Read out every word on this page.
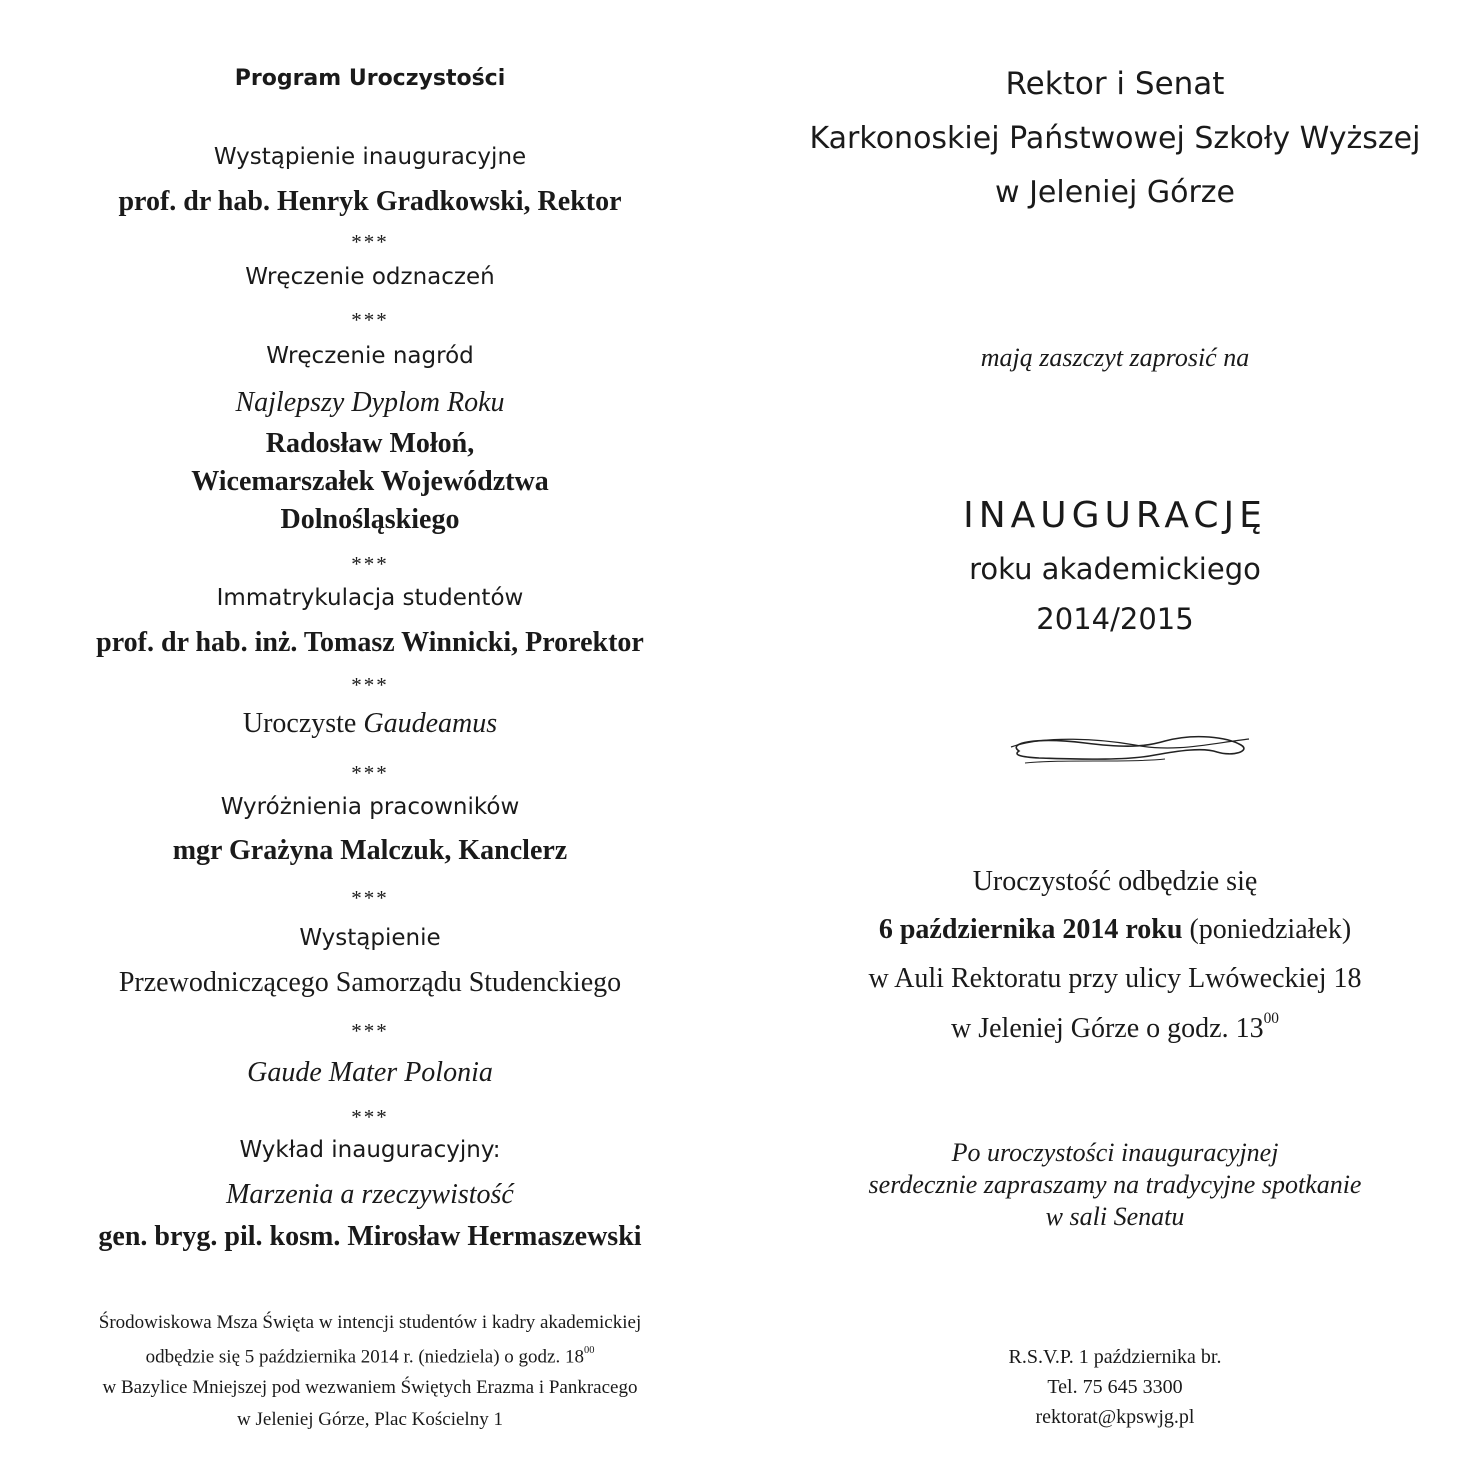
Program Uroczystości
Wystąpienie inauguracyjne
prof. dr hab. Henryk Gradkowski, Rektor
***
Wręczenie odznaczeń
***
Wręczenie nagród
Najlepszy Dyplom Roku
Radosław Mołoń,
Wicemarszałek Województwa
Dolnośląskiego
***
Immatrykulacja studentów
prof. dr hab. inż. Tomasz Winnicki, Prorektor
***
Uroczyste Gaudeamus
***
Wyróżnienia pracowników
mgr Grażyna Malczuk, Kanclerz
***
Wystąpienie
Przewodniczącego Samorządu Studenckiego
***
Gaude Mater Polonia
***
Wykład inauguracyjny:
Marzenia a rzeczywistość
gen. bryg. pil. kosm. Mirosław Hermaszewski
Środowiskowa Msza Święta w intencji studentów i kadry akademickiej
odbędzie się 5 października 2014 r. (niedziela) o godz. $18^{00}$
w Bazylice Mniejszej pod wezwaniem Świętych Erazma i Pankracego
w Jeleniej Górze, Plac Kościelny 1
Rektor i Senat
Karkonoskiej Państwowej Szkoły Wyższej
w Jeleniej Górze
mają zaszczyt zaprosić na
INAUGURACJĘ
roku akademickiego
2014/2015
Uroczystość odbędzie się
6 października 2014 roku (poniedziałek)
w Auli Rektoratu przy ulicy Lwóweckiej 18
w Jeleniej Górze o godz. $13^{00}$
Po uroczystości inauguracyjnej
serdecznie zapraszamy na tradycyjne spotkanie
w sali Senatu
R.S.V.P. 1 października br.
Tel. 75 645 3300
rektorat@kpswjg.pl
